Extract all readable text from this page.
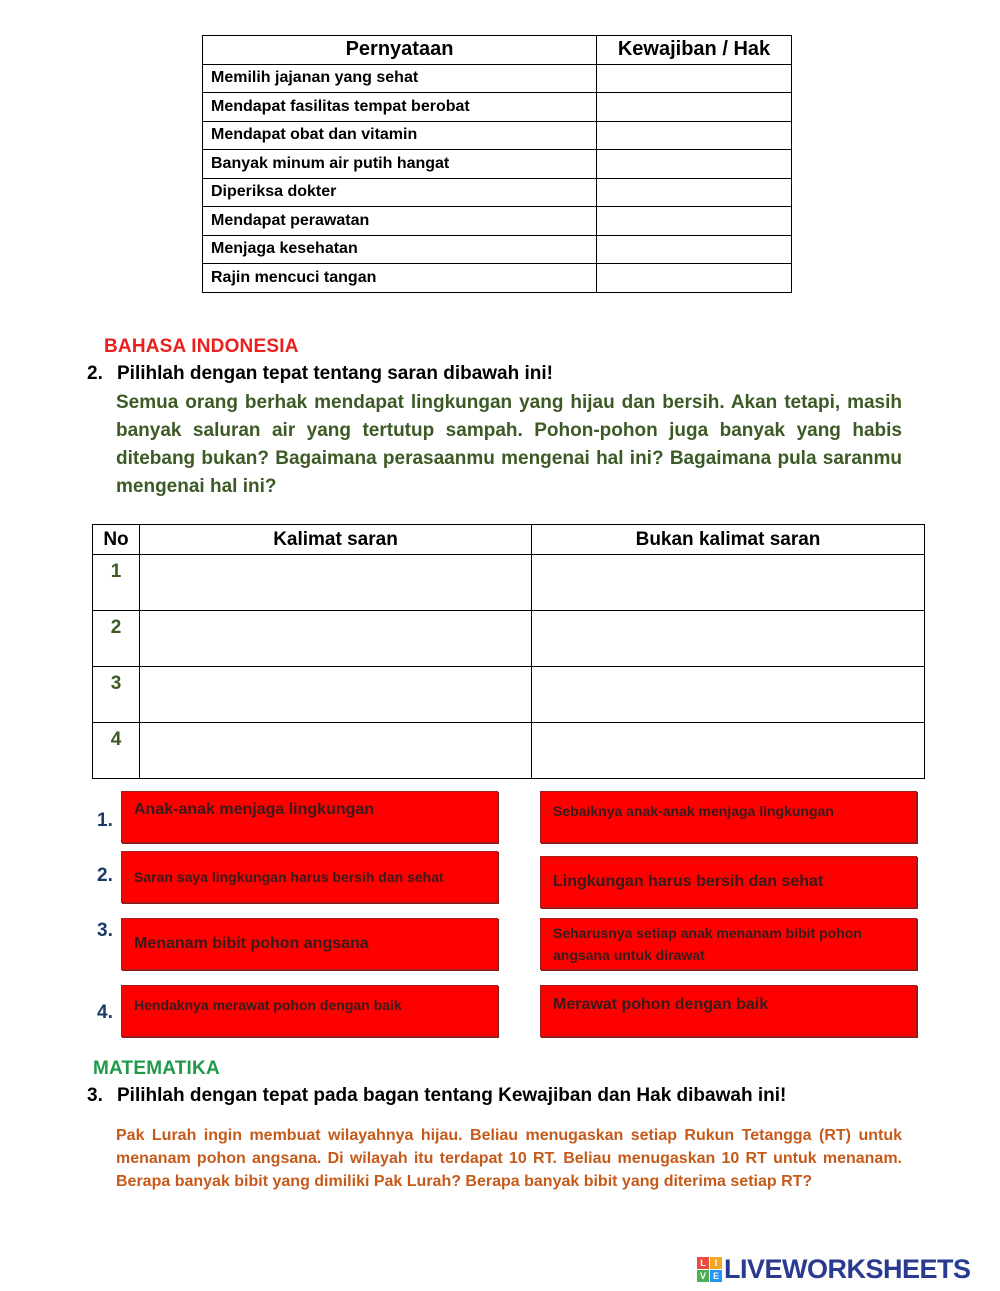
Pernyataan	Kewajiban / Hak
Memilih jajanan yang sehat	
Mendapat fasilitas tempat berobat	
Mendapat obat dan vitamin	
Banyak minum air putih hangat	
Diperiksa dokter	
Mendapat perawatan	
Menjaga kesehatan	
Rajin mencuci tangan	
BAHASA INDONESIA
2. Pilihlah dengan tepat tentang saran dibawah ini!
Semua orang berhak mendapat lingkungan yang hijau dan bersih. Akan tetapi, masih banyak saluran air yang tertutup sampah. Pohon-pohon juga banyak yang habis ditebang bukan? Bagaimana perasaanmu mengenai hal ini? Bagaimana pula saranmu mengenai hal ini?
No	Kalimat saran	Bukan kalimat saran
1		
2		
3		
4		
1.
2.
3.
4.
Anak-anak menjaga lingkungan
Saran saya lingkungan harus bersih dan sehat
Menanam bibit pohon angsana
Hendaknya merawat pohon dengan baik
Sebaiknya anak-anak menjaga lingkungan
Lingkungan harus bersih dan sehat
Seharusnya setiap anak menanam bibit pohon angsana untuk dirawat
Merawat pohon dengan baik
MATEMATIKA
3. Pilihlah dengan tepat pada bagan tentang Kewajiban dan Hak dibawah ini!
Pak Lurah ingin membuat wilayahnya hijau. Beliau menugaskan setiap Rukun Tetangga (RT) untuk menanam pohon angsana. Di wilayah itu terdapat 10 RT. Beliau menugaskan 10 RT untuk menanam. Berapa banyak bibit yang dimiliki Pak Lurah? Berapa banyak bibit yang diterima setiap RT?
L I
V E LIVEWORKSHEETS
